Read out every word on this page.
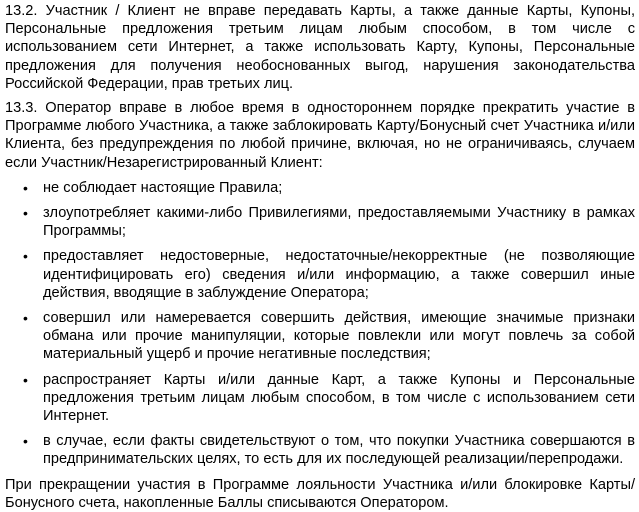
13.2. Участник / Клиент не вправе передавать Карты, а также данные Карты, Купоны, Персональные предложения третьим лицам любым способом, в том числе с использованием сети Интернет, а также использовать Карту, Купоны, Персональные предложения для получения необоснованных выгод, нарушения законодательства Российской Федерации, прав третьих лиц.

13.3. Оператор вправе в любое время в одностороннем порядке прекратить участие в Программе любого Участника, а также заблокировать Карту/Бонусный счет Участника и/или Клиента, без предупреждения по любой причине, включая, но не ограничиваясь, случаем если Участник/Незарегистрированный Клиент:

• не соблюдает настоящие Правила;
• злоупотребляет какими-либо Привилегиями, предоставляемыми Участнику в рамках Программы;
• предоставляет недостоверные, недостаточные/некорректные (не позволяющие идентифицировать его) сведения и/или информацию, а также совершил иные действия, вводящие в заблуждение Оператора;
• совершил или намеревается совершить действия, имеющие значимые признаки обмана или прочие манипуляции, которые повлекли или могут повлечь за собой материальный ущерб и прочие негативные последствия;
• распространяет Карты и/или данные Карт, а также Купоны и Персональные предложения третьим лицам любым способом, в том числе с использованием сети Интернет.
• в случае, если факты свидетельствуют о том, что покупки Участника совершаются в предпринимательских целях, то есть для их последующей реализации/перепродажи.

При прекращении участия в Программе лояльности Участника и/или блокировке Карты/Бонусного счета, накопленные Баллы списываются Оператором.
